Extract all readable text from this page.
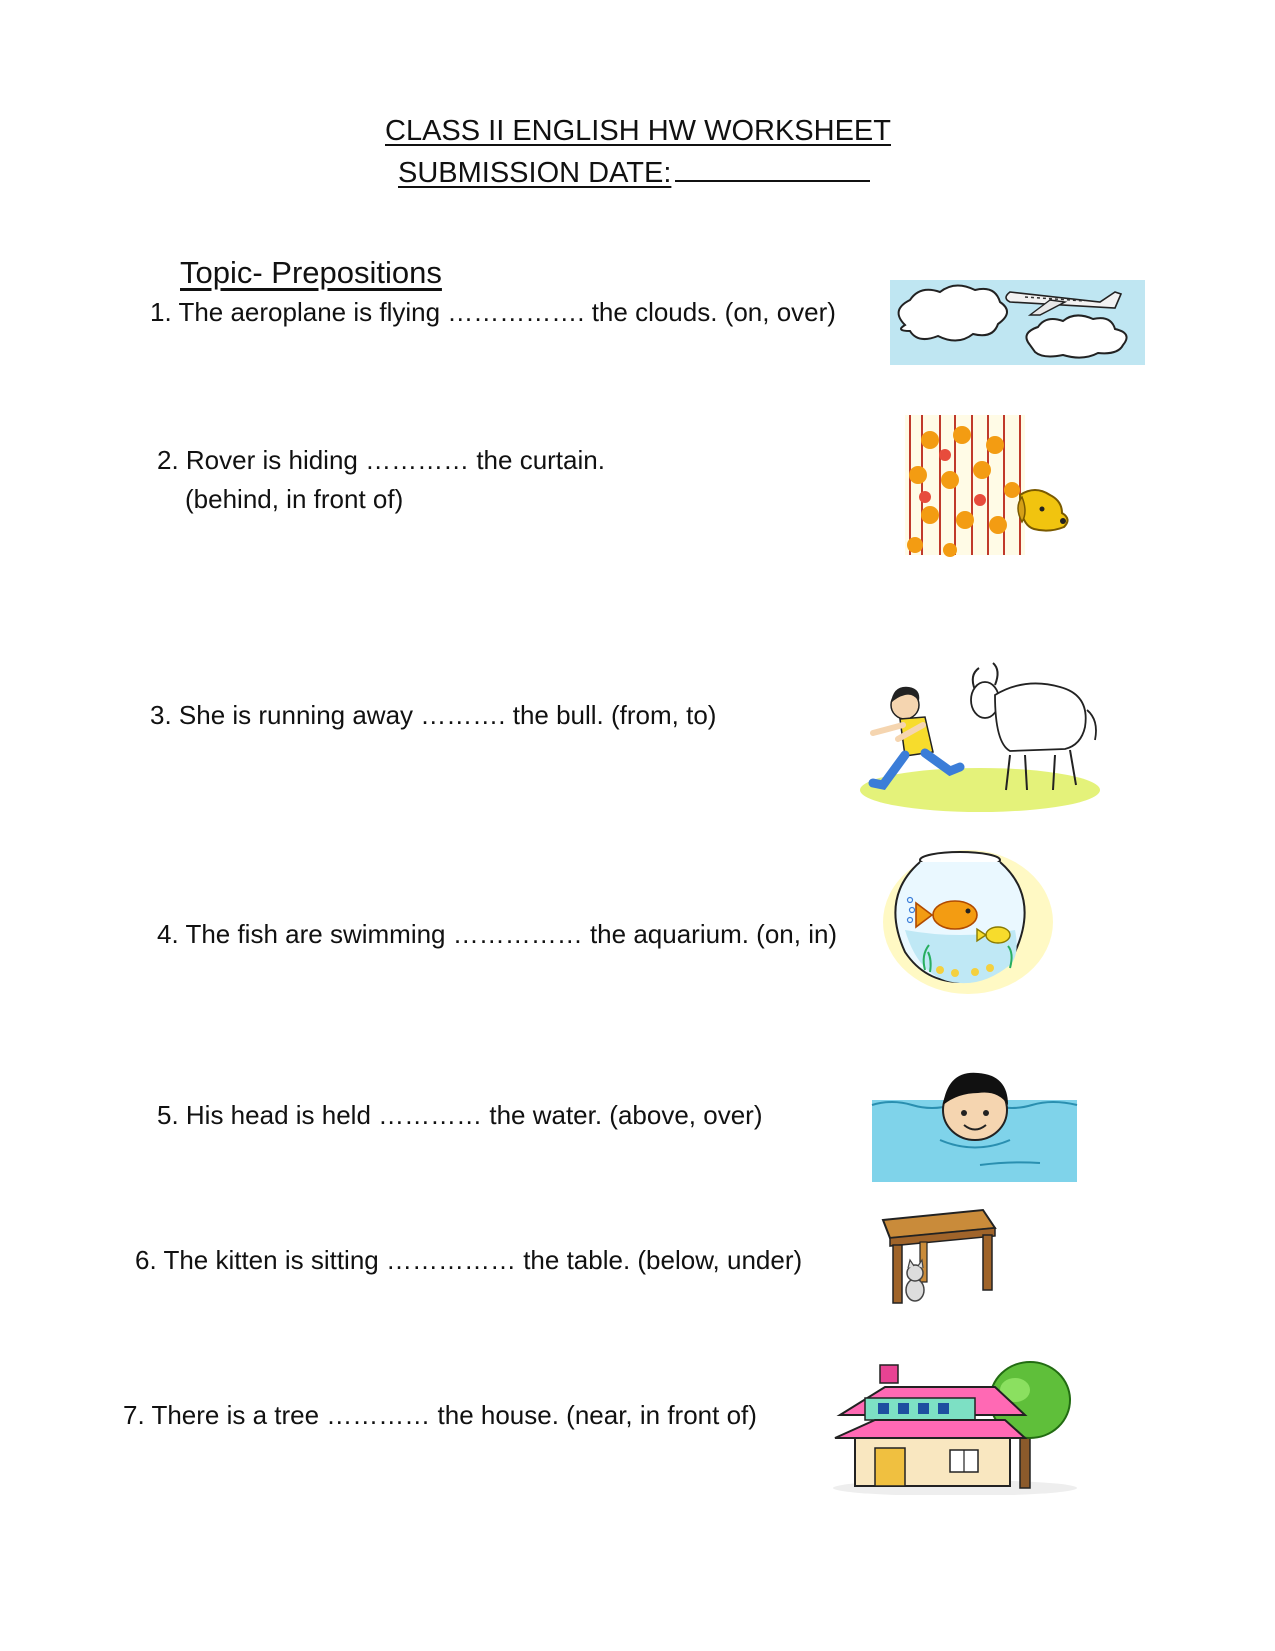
CLASS II ENGLISH HW WORKSHEET
SUBMISSION DATE:
Topic- Prepositions
1. The aeroplane is flying ……………. the clouds. (on, over)
2. Rover is hiding ………… the curtain.
(behind, in front of)
3. She is running away ………. the bull. (from, to)
4. The fish are swimming …………… the aquarium. (on, in)
5. His head is held ………… the water. (above, over)
6. The kitten is sitting …………… the table. (below, under)
7. There is a tree ………… the house. (near, in front of)
